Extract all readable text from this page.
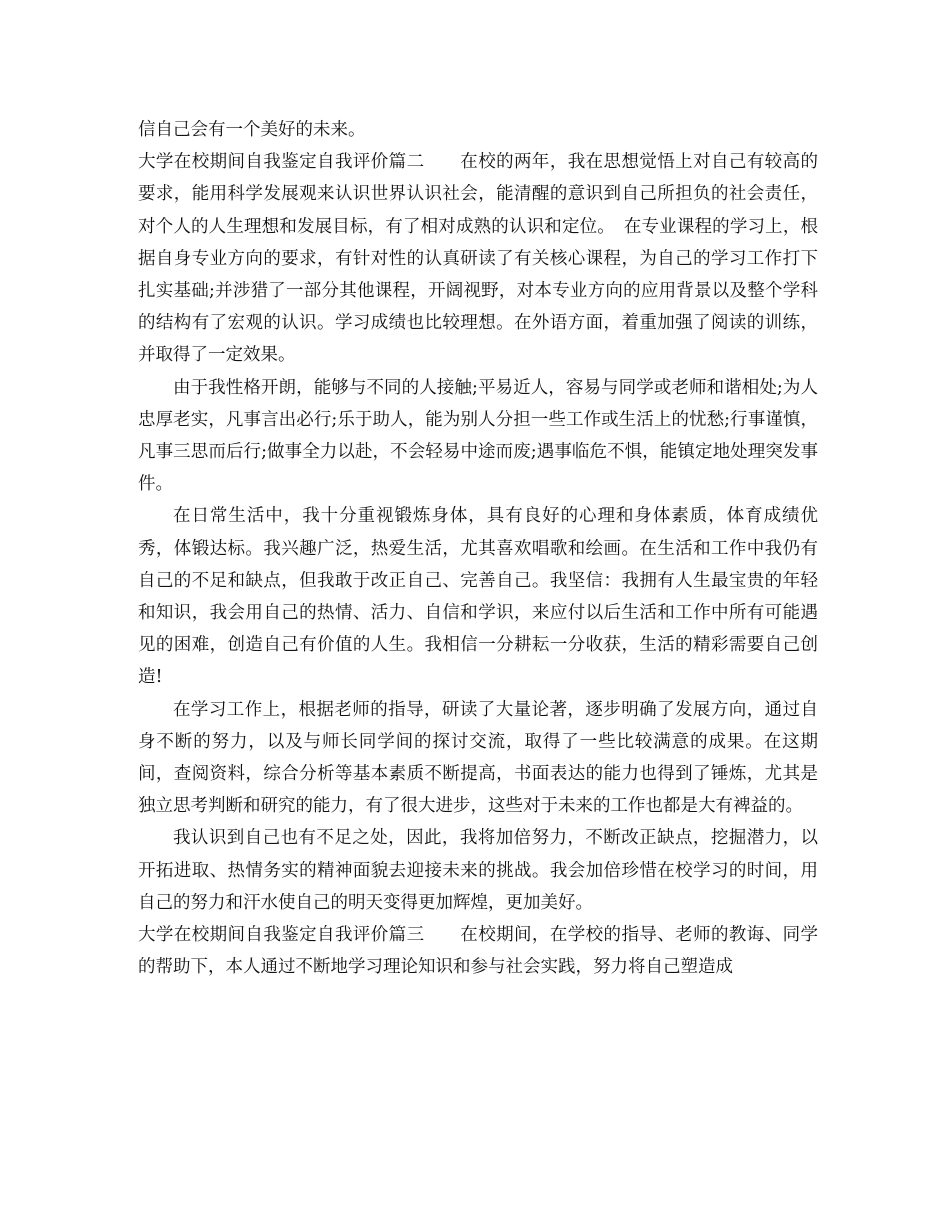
信自己会有一个美好的未来。

大学在校期间自我鉴定自我评价篇二　　在校的两年，我在思想觉悟上对自己有较高的要求，能用科学发展观来认识世界认识社会，能清醒的意识到自己所担负的社会责任，对个人的人生理想和发展目标，有了相对成熟的认识和定位。　在专业课程的学习上，根据自身专业方向的要求，有针对性的认真研读了有关核心课程，为自己的学习工作打下扎实基础;并涉猎了一部分其他课程，开阔视野，对本专业方向的应用背景以及整个学科的结构有了宏观的认识。学习成绩也比较理想。在外语方面，着重加强了阅读的训练，并取得了一定效果。

由于我性格开朗，能够与不同的人接触;平易近人，容易与同学或老师和谐相处;为人忠厚老实，凡事言出必行;乐于助人，能为别人分担一些工作或生活上的忧愁;行事谨慎，凡事三思而后行;做事全力以赴，不会轻易中途而废;遇事临危不惧，能镇定地处理突发事件。

在日常生活中，我十分重视锻炼身体，具有良好的心理和身体素质，体育成绩优秀，体锻达标。我兴趣广泛，热爱生活，尤其喜欢唱歌和绘画。在生活和工作中我仍有自己的不足和缺点，但我敢于改正自己、完善自己。我坚信：我拥有人生最宝贵的年轻和知识，我会用自己的热情、活力、自信和学识，来应付以后生活和工作中所有可能遇见的困难，创造自己有价值的人生。我相信一分耕耘一分收获，生活的精彩需要自己创造!

在学习工作上，根据老师的指导，研读了大量论著，逐步明确了发展方向，通过自身不断的努力，以及与师长同学间的探讨交流，取得了一些比较满意的成果。在这期间，查阅资料，综合分析等基本素质不断提高，书面表达的能力也得到了锤炼，尤其是独立思考判断和研究的能力，有了很大进步，这些对于未来的工作也都是大有裨益的。

我认识到自己也有不足之处，因此，我将加倍努力，不断改正缺点，挖掘潜力，以开拓进取、热情务实的精神面貌去迎接未来的挑战。我会加倍珍惜在校学习的时间，用自己的努力和汗水使自己的明天变得更加辉煌，更加美好。

大学在校期间自我鉴定自我评价篇三　　在校期间，在学校的指导、老师的教诲、同学的帮助下，本人通过不断地学习理论知识和参与社会实践，努力将自己塑造成
